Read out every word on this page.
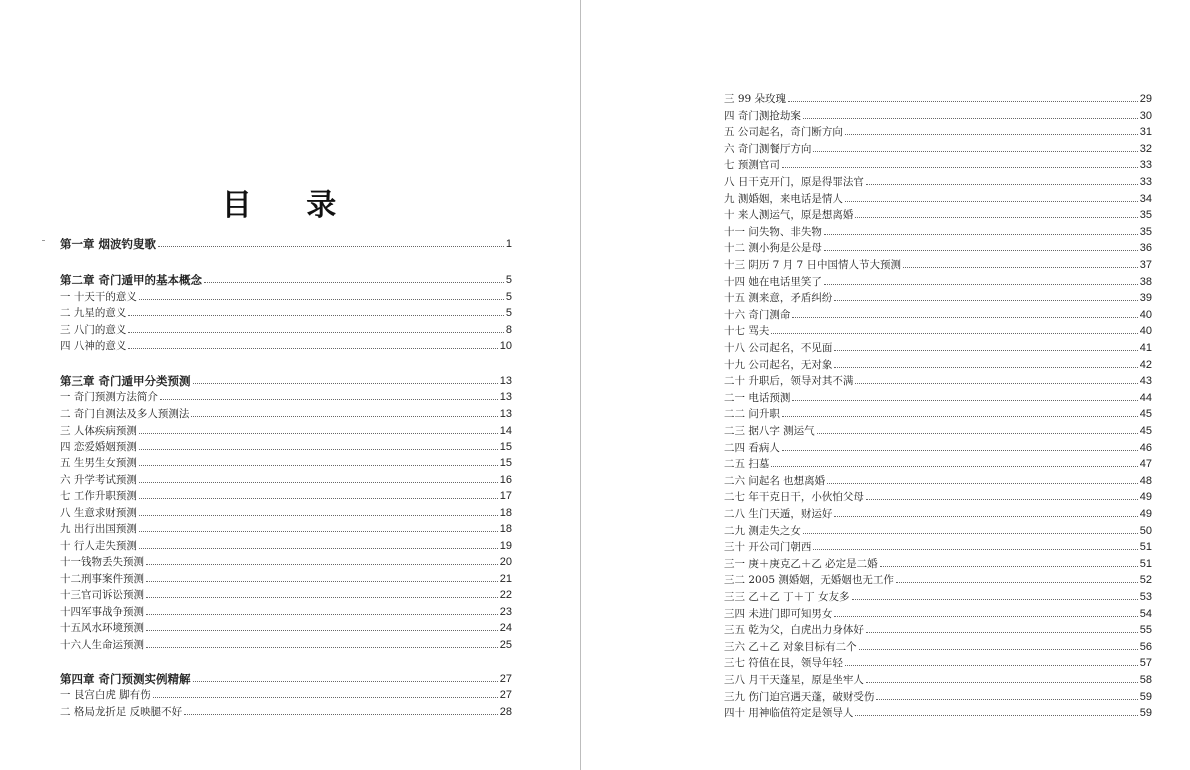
目 录
第一章 烟波钓叟歌	1
第二章 奇门遁甲的基本概念	5
一 十天干的意义	5
二 九星的意义	5
三 八门的意义	8
四 八神的意义	10
第三章 奇门遁甲分类预测	13
一 奇门预测方法简介	13
二 奇门自测法及多人预测法	13
三 人体疾病预测	14
四 恋爱婚姻预测	15
五 生男生女预测	15
六 升学考试预测	16
七 工作升职预测	17
八 生意求财预测	18
九 出行出国预测	18
十 行人走失预测	19
十一钱物丢失预测	20
十二刑事案件预测	21
十三官司诉讼预测	22
十四军事战争预测	23
十五风水环境预测	24
十六人生命运预测	25
第四章 奇门预测实例精解	27
一 艮宫白虎 脚有伤	27
二 格局龙折足 反映腿不好	28
三 99 朵玫瑰	29
四 奇门测抢劫案	30
五 公司起名，奇门断方向	31
六 奇门测餐厅方向	32
七 预测官司	33
八 日干克开门，原是得罪法官	33
九 测婚姻，来电话是情人	34
十 来人测运气，原是想离婚	35
十一 问失物、非失物	35
十二 测小狗是公是母	36
十三 阴历 7 月 7 日中国情人节大预测	37
十四 她在电话里笑了	38
十五 测来意，矛盾纠纷	39
十六 奇门测命	40
十七 骂夫	40
十八 公司起名，不见面	41
十九 公司起名，无对象	42
二十 升职后，领导对其不满	43
二一 电话预测	44
二二 问升职	45
二三 据八字 测运气	45
二四 看病人	46
二五 扫墓	47
二六 问起名 也想离婚	48
二七 年干克日干，小伙怕父母	49
二八 生门天遁，财运好	49
二九 测走失之女	50
三十 开公司门朝西	51
三一 庚＋庚克乙＋乙 必定是二婚	51
三二 2005 测婚姻，无婚姻也无工作	52
三三 乙＋乙 丁＋丁 女友多	53
三四 未进门即可知男女	54
三五 乾为父，白虎出力身体好	55
三六 乙＋乙 对象目标有二个	56
三七 符值在艮，领导年轻	57
三八 月干天蓬星，原是坐牢人	58
三九 伤门迫宫遇天蓬，破财受伤	59
四十 用神临值符定是领导人	59
